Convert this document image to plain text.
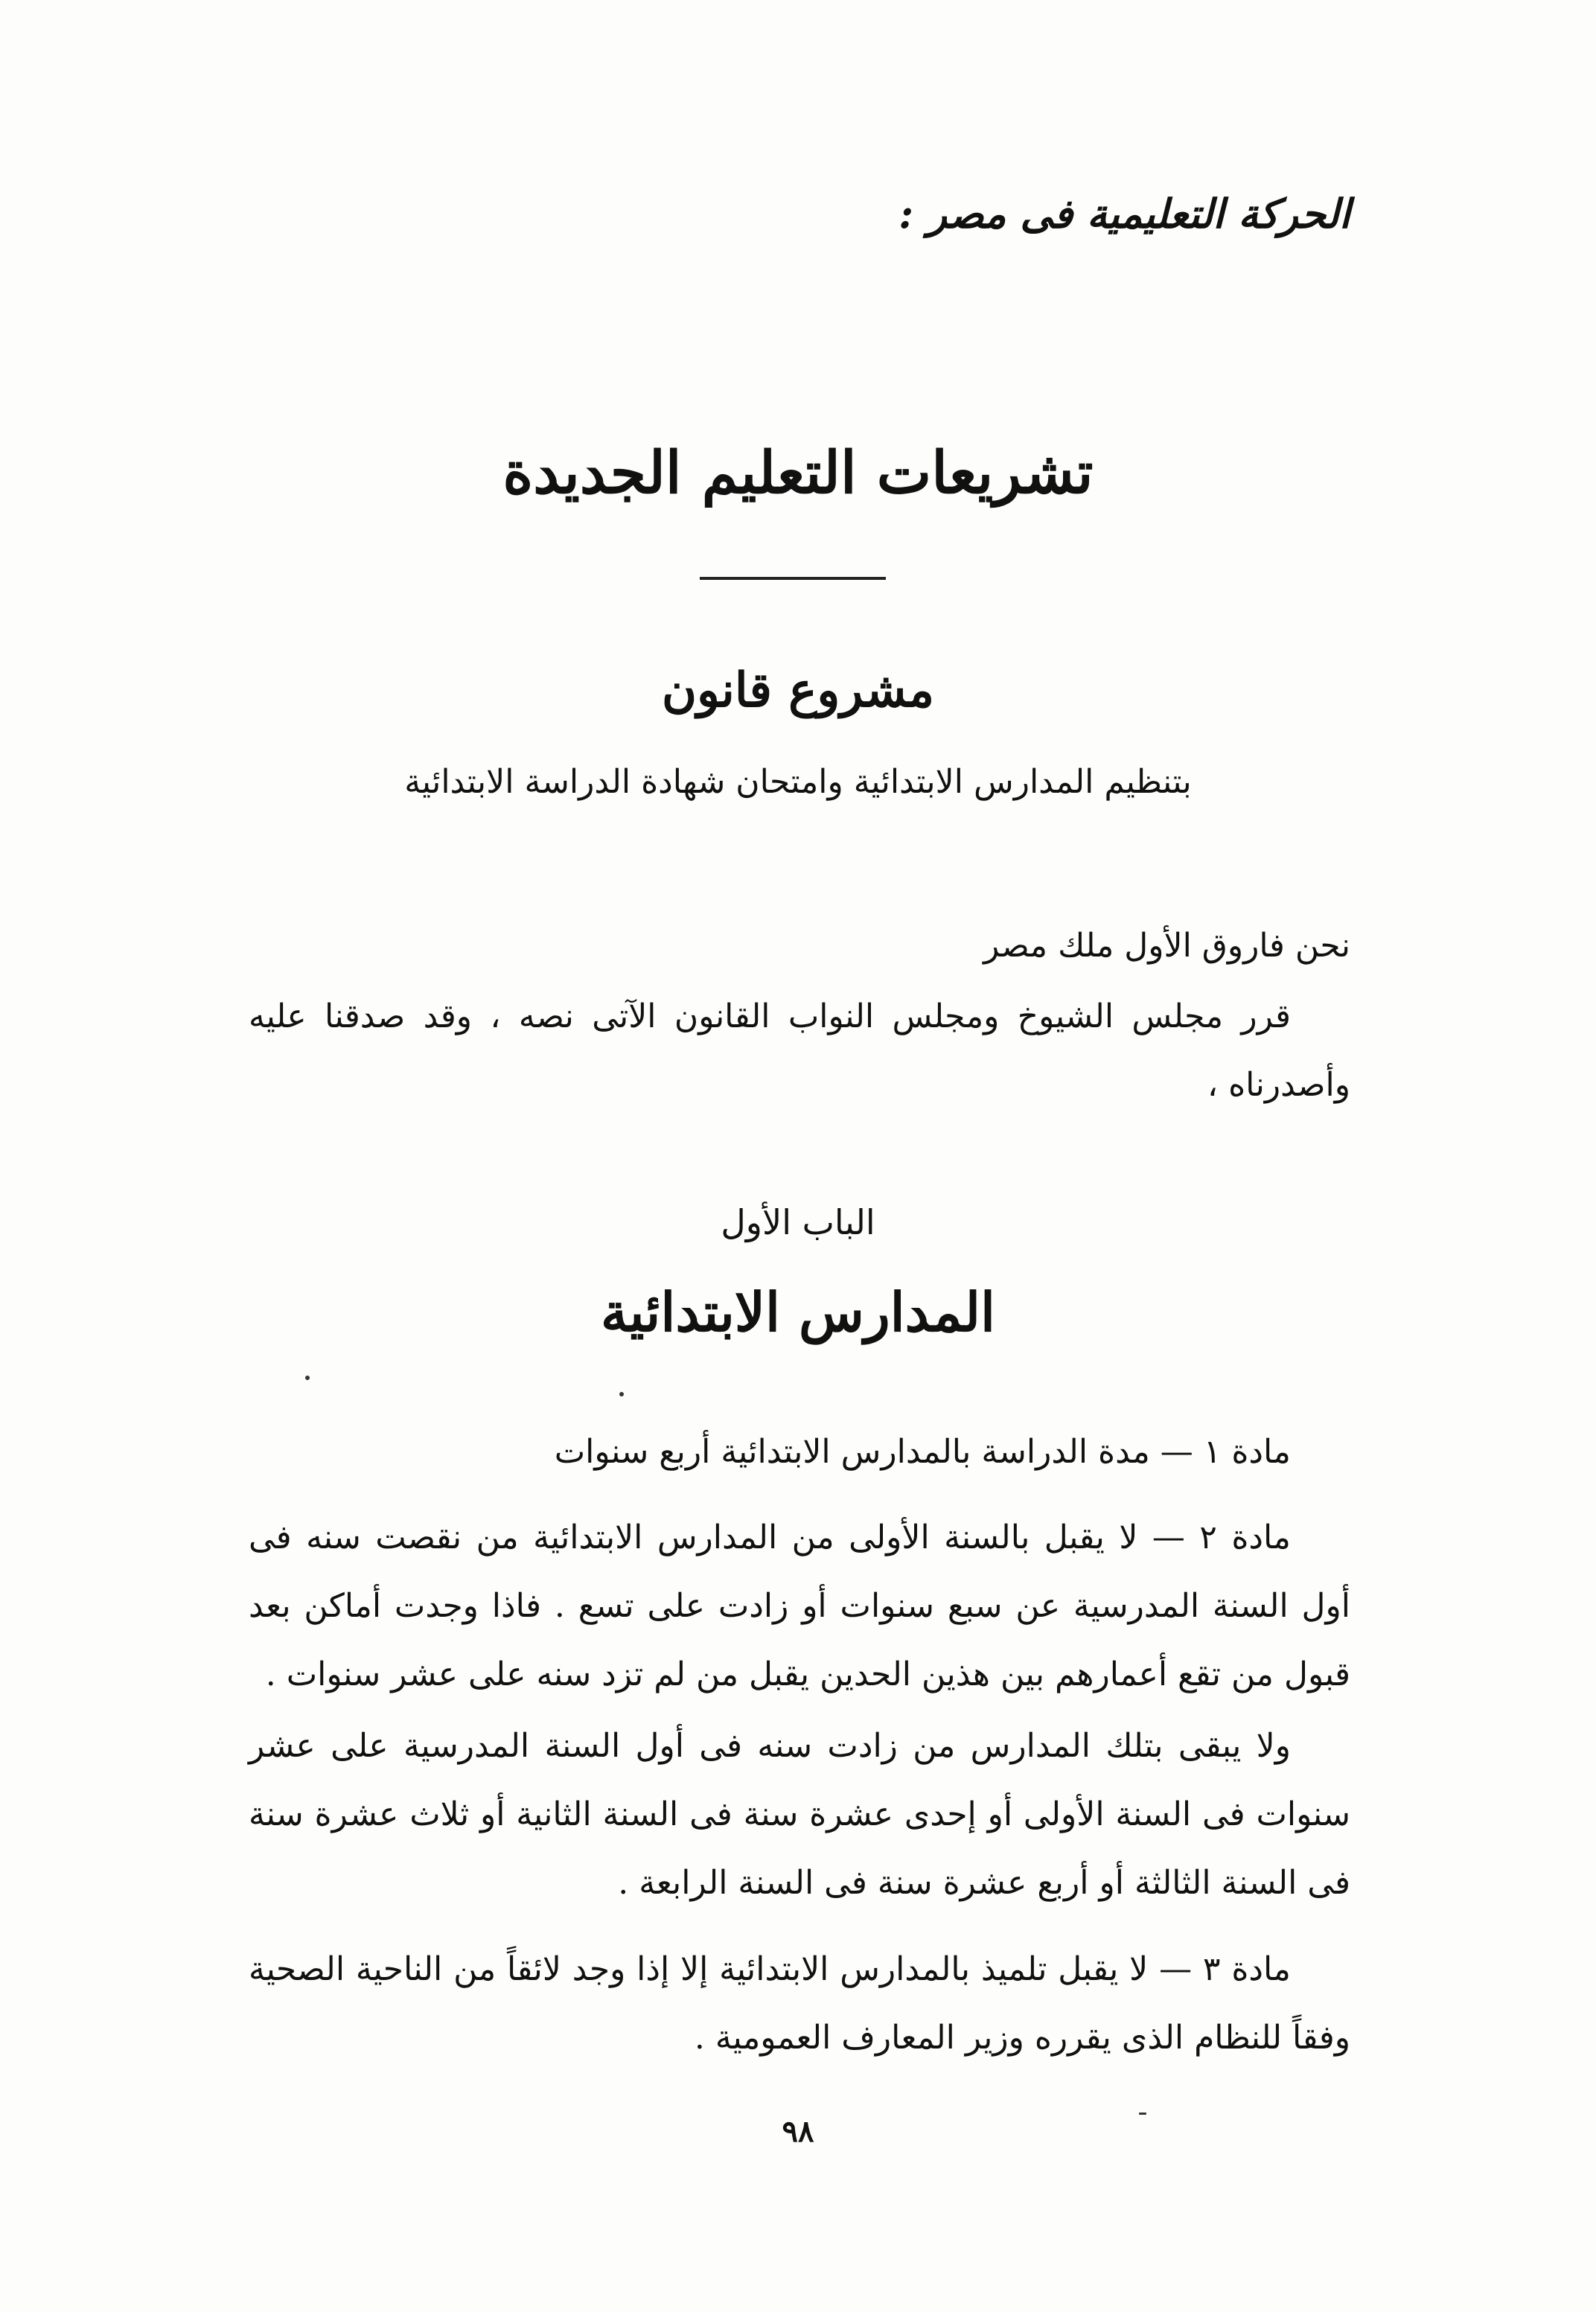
الحركة التعليمية فى مصر :
تشريعات التعليم الجديدة
مشروع قانون
بتنظيم المدارس الابتدائية وامتحان شهادة الدراسة الابتدائية
نحن فاروق الأول ملك مصر
قرر مجلس الشيوخ ومجلس النواب القانون الآتى نصه ، وقد صدقنا عليه وأصدرناه ،
الباب الأول
المدارس الابتدائية
مادة ١ — مدة الدراسة بالمدارس الابتدائية أربع سنوات
مادة ٢ — لا يقبل بالسنة الأولى من المدارس الابتدائية من نقصت سنه فى أول السنة المدرسية عن سبع سنوات أو زادت على تسع . فاذا وجدت أماكن بعد قبول من تقع أعمارهم بين هذين الحدين يقبل من لم تزد سنه على عشر سنوات .
ولا يبقى بتلك المدارس من زادت سنه فى أول السنة المدرسية على عشر سنوات فى السنة الأولى أو إحدى عشرة سنة فى السنة الثانية أو ثلاث عشرة سنة فى السنة الثالثة أو أربع عشرة سنة فى السنة الرابعة .
مادة ٣ — لا يقبل تلميذ بالمدارس الابتدائية إلا إذا وجد لائقاً من الناحية الصحية وفقاً للنظام الذى يقرره وزير المعارف العمومية .
٩٨
